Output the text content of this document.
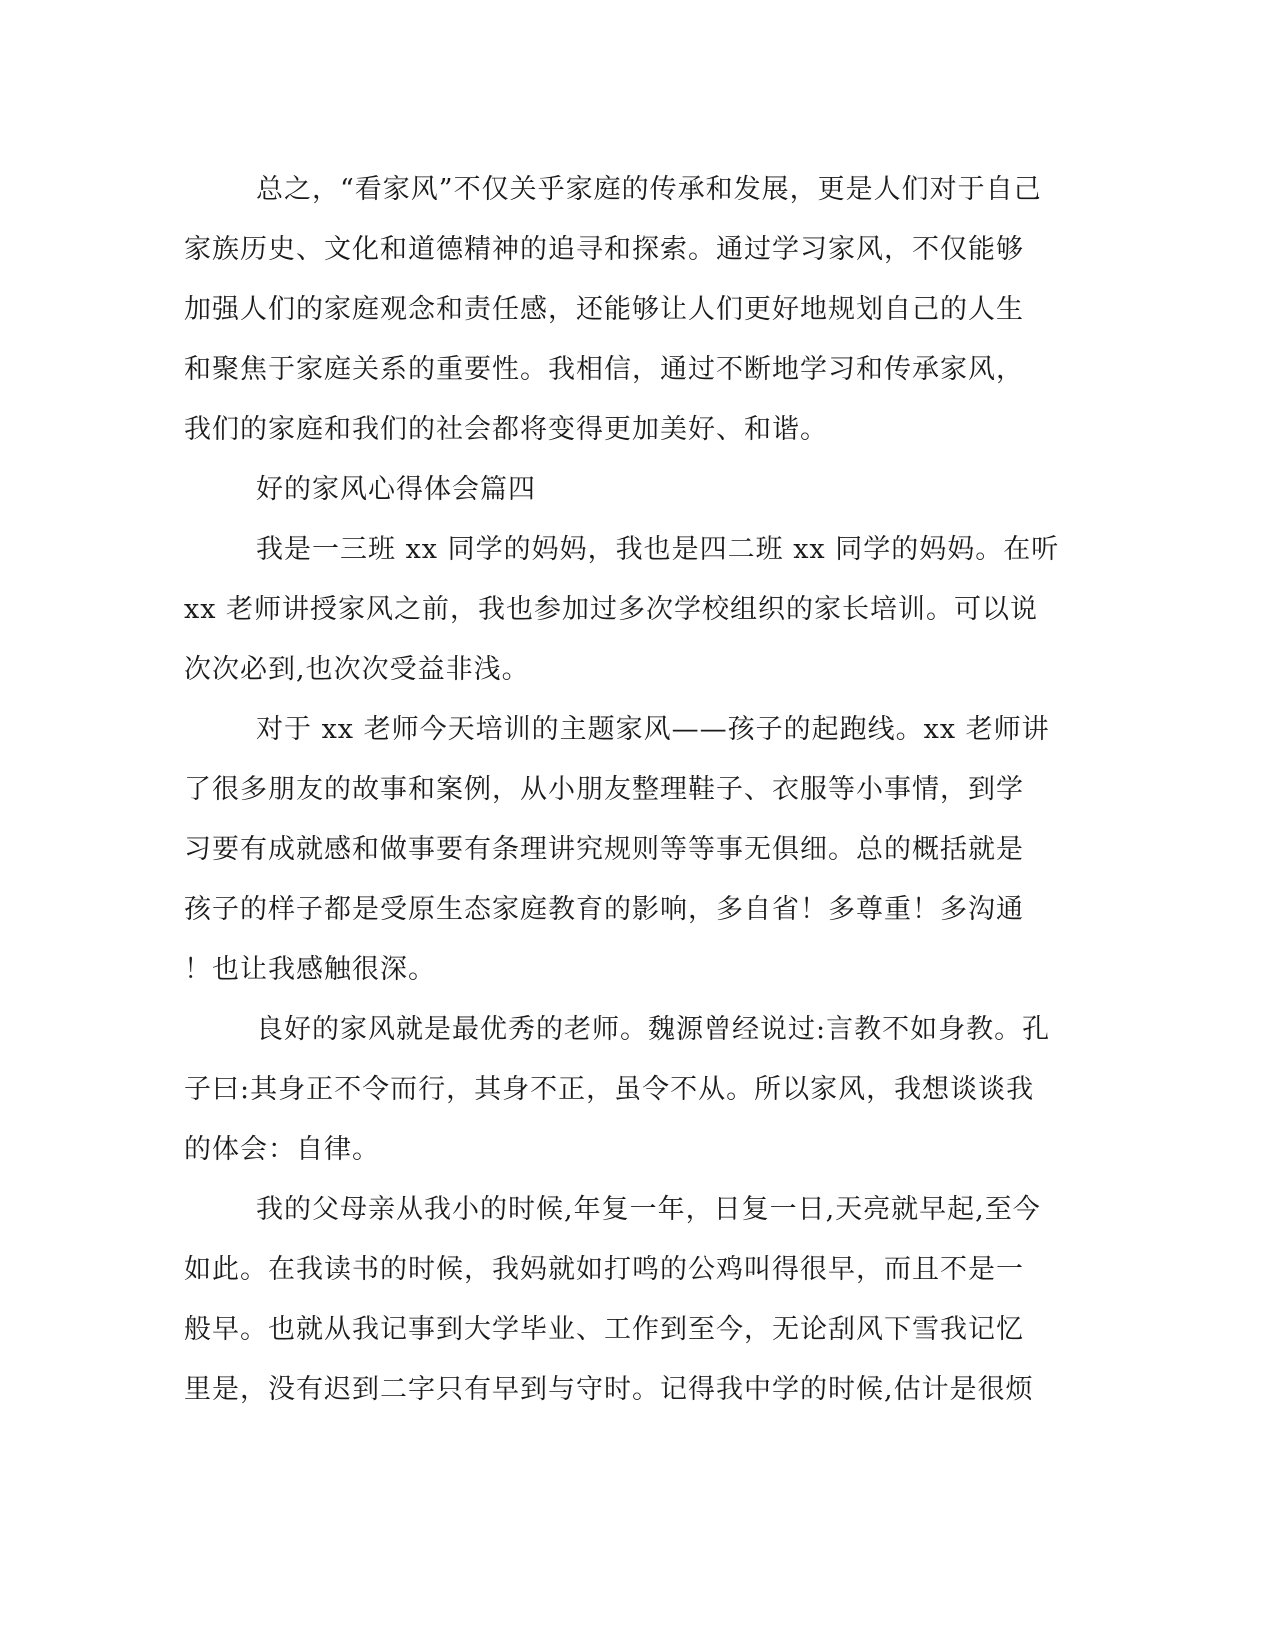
总之，“看家风”不仅关乎家庭的传承和发展，更是人们对于自己
家族历史、文化和道德精神的追寻和探索。通过学习家风，不仅能够
加强人们的家庭观念和责任感，还能够让人们更好地规划自己的人生
和聚焦于家庭关系的重要性。我相信，通过不断地学习和传承家风，
我们的家庭和我们的社会都将变得更加美好、和谐。
好的家风心得体会篇四
我是一三班 xx 同学的妈妈，我也是四二班 xx 同学的妈妈。在听
xx 老师讲授家风之前，我也参加过多次学校组织的家长培训。可以说
次次必到,也次次受益非浅。
对于 xx 老师今天培训的主题家风——孩子的起跑线。xx 老师讲
了很多朋友的故事和案例，从小朋友整理鞋子、衣服等小事情，到学
习要有成就感和做事要有条理讲究规则等等事无俱细。总的概括就是
孩子的样子都是受原生态家庭教育的影响，多自省！多尊重！多沟通
！也让我感触很深。
良好的家风就是最优秀的老师。魏源曾经说过:言教不如身教。孔
子曰:其身正不令而行，其身不正，虽令不从。所以家风，我想谈谈我
的体会：自律。
我的父母亲从我小的时候,年复一年，日复一日,天亮就早起,至今
如此。在我读书的时候，我妈就如打鸣的公鸡叫得很早，而且不是一
般早。也就从我记事到大学毕业、工作到至今，无论刮风下雪我记忆
里是，没有迟到二字只有早到与守时。记得我中学的时候,估计是很烦
